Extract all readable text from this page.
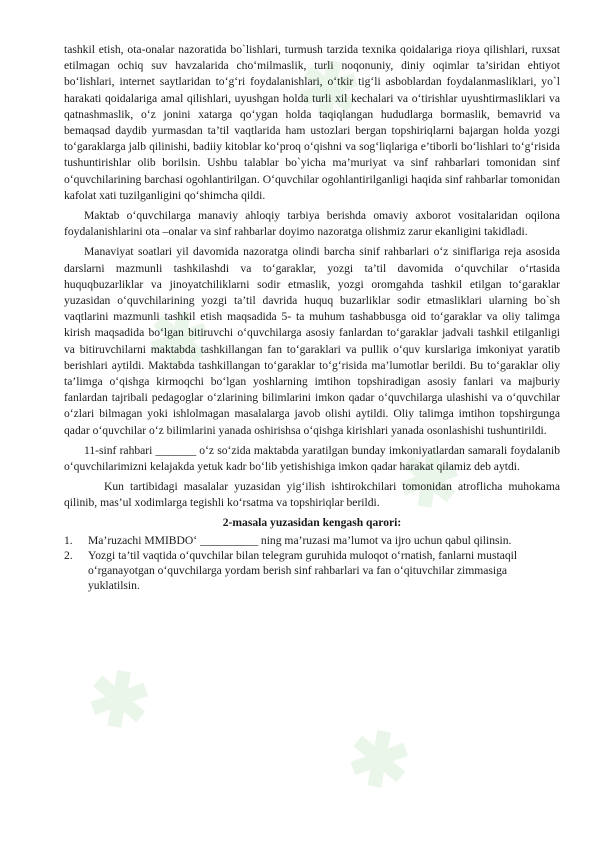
✱
✱
✱
✱
✱

tashkil etish, ota-onalar nazoratida bo`lishlari, turmush tarzida texnika qoidalariga rioya qilishlari, ruxsat etilmagan ochiq suv havzalarida cho‘milmaslik, turli noqonuniy, diniy oqimlar ta’siridan ehtiyot bo‘lishlari, internet saytlaridan to‘g‘ri foydalanishlari, o‘tkir tig‘li asboblardan foydalanmasliklari, yo`l harakati qoidalariga amal qilishlari, uyushgan holda turli xil kechalari va o‘tirishlar uyushtirmasliklari va qatnashmaslik, o‘z jonini xatarga qo‘ygan holda taqiqlangan hududlarga bormaslik, bemavrid va bemaqsad daydib yurmasdan ta’til vaqtlarida ham ustozlari bergan topshiriqlarni bajargan holda yozgi to‘garaklarga jalb qilinishi, badiiy kitoblar ko‘proq o‘qishni va sog‘liqlariga e’tiborli bo‘lishlari to‘g‘risida tushuntirishlar olib borilsin. Ushbu talablar bo`yicha ma’muriyat va sinf rahbarlari tomonidan sinf o‘quvchilarining barchasi ogohlantirilgan. O‘quvchilar ogohlantirilganligi haqida sinf rahbarlar tomonidan kafolat xati tuzilganligini qo‘shimcha qildi.

Maktab o‘quvchilarga manaviy ahloqiy tarbiya berishda omaviy axborot vositalaridan oqilona foydalanishlarini ota –onalar va sinf rahbarlar doyimo nazoratga olishmiz zarur ekanligini takidladi.

Manaviyat soatlari yil davomida nazoratga olindi barcha sinif rahbarlari o‘z siniflariga reja asosida darslarni mazmunli tashkilashdi va to‘garaklar, yozgi ta’til davomida o‘quvchilar o‘rtasida huquqbuzarliklar va jinoyatchiliklarni sodir etmaslik, yozgi oromgahda tashkil etilgan to‘garaklar yuzasidan o‘quvchilarining yozgi ta’til davrida huquq buzarliklar sodir etmasliklari ularning bo`sh vaqtlarini mazmunli tashkil etish maqsadida 5- ta muhum tashabbusga oid to‘garaklar va oliy talimga kirish maqsadida bo‘lgan bitiruvchi o‘quvchilarga asosiy fanlardan to‘garaklar jadvali tashkil etilganligi va bitiruvchilarni maktabda tashkillangan fan to‘garaklari va pullik o‘quv kurslariga imkoniyat yaratib berishlari aytildi. Maktabda tashkillangan to‘garaklar to‘g‘risida ma’lumotlar berildi. Bu to‘garaklar oliy ta’limga o‘qishga kirmoqchi bo‘lgan yoshlarning imtihon topshiradigan asosiy fanlari va majburiy fanlardan tajribali pedagoglar o‘zlarining bilimlarini imkon qadar o‘quvchilarga ulashishi va o‘quvchilar o‘zlari bilmagan yoki ishlolmagan masalalarga javob olishi aytildi. Oliy talimga imtihon topshirgunga qadar o‘quvchilar o‘z bilimlarini yanada oshirishsa o‘qishga kirishlari yanada osonlashishi tushuntirildi.

11-sinf rahbari _______ o‘z so‘zida maktabda yaratilgan bunday imkoniyatlardan samarali foydalanib o‘quvchilarimizni kelajakda yetuk kadr bo‘lib yetishishiga imkon qadar harakat qilamiz deb aytdi.

Kun tartibidagi masalalar yuzasidan yig‘ilish ishtirokchilari tomonidan atroflicha muhokama qilinib, mas’ul xodimlarga tegishli ko‘rsatma va topshiriqlar berildi.

2-masala yuzasidan kengash qarori:

1. Ma’ruzachi MMIBDO‘ __________ ning ma’ruzasi ma’lumot va ijro uchun qabul qilinsin.
2. Yozgi ta’til vaqtida o‘quvchilar bilan telegram guruhida muloqot o‘rnatish, fanlarni mustaqil o‘rganayotgan o‘quvchilarga yordam berish sinf rahbarlari va fan o‘qituvchilar zimmasiga yuklatilsin.
